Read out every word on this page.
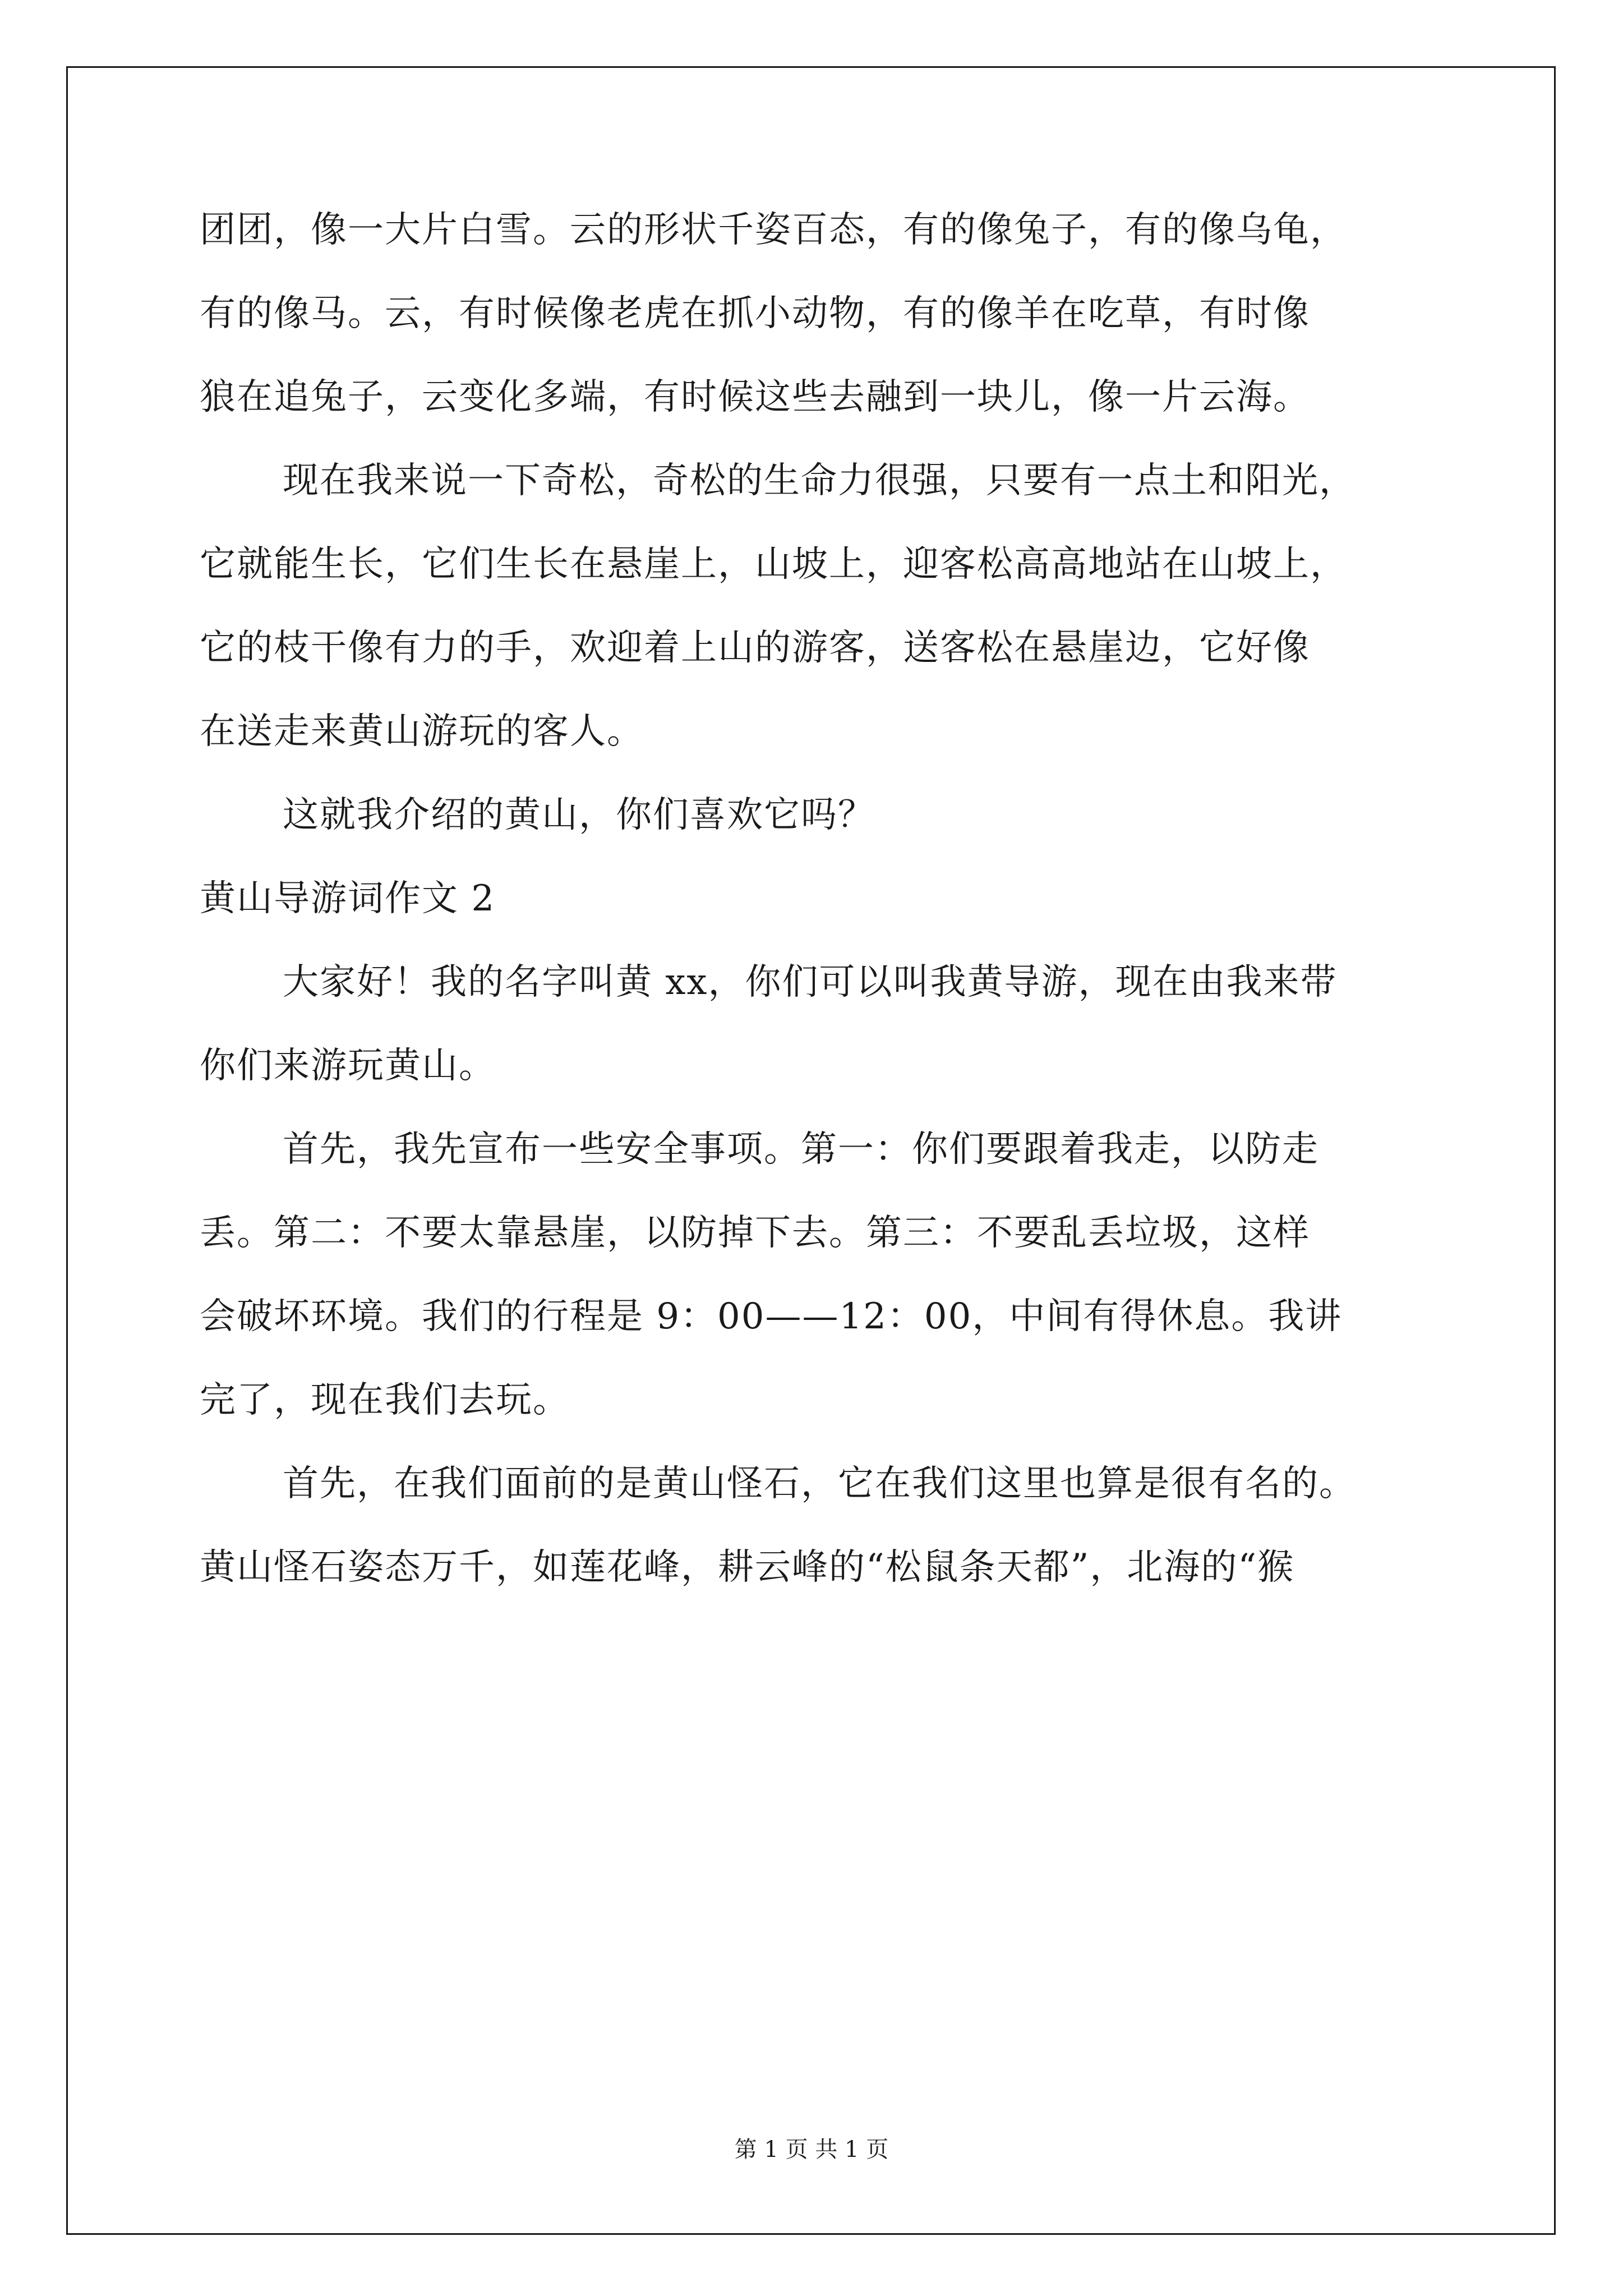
团团，像一大片白雪。云的形状千姿百态，有的像兔子，有的像乌龟，
有的像马。云，有时候像老虎在抓小动物，有的像羊在吃草，有时像
狼在追兔子，云变化多端，有时候这些去融到一块儿，像一片云海。
现在我来说一下奇松，奇松的生命力很强，只要有一点土和阳光，
它就能生长，它们生长在悬崖上，山坡上，迎客松高高地站在山坡上，
它的枝干像有力的手，欢迎着上山的游客，送客松在悬崖边，它好像
在送走来黄山游玩的客人。
这就我介绍的黄山，你们喜欢它吗？
黄山导游词作文 2
大家好！我的名字叫黄 xx，你们可以叫我黄导游，现在由我来带
你们来游玩黄山。
首先，我先宣布一些安全事项。第一：你们要跟着我走，以防走
丢。第二：不要太靠悬崖，以防掉下去。第三：不要乱丢垃圾，这样
会破坏环境。我们的行程是 9：00——12：00，中间有得休息。我讲
完了，现在我们去玩。
首先，在我们面前的是黄山怪石，它在我们这里也算是很有名的。
黄山怪石姿态万千，如莲花峰，耕云峰的“松鼠条天都”，北海的“猴
第 1 页 共 1 页
